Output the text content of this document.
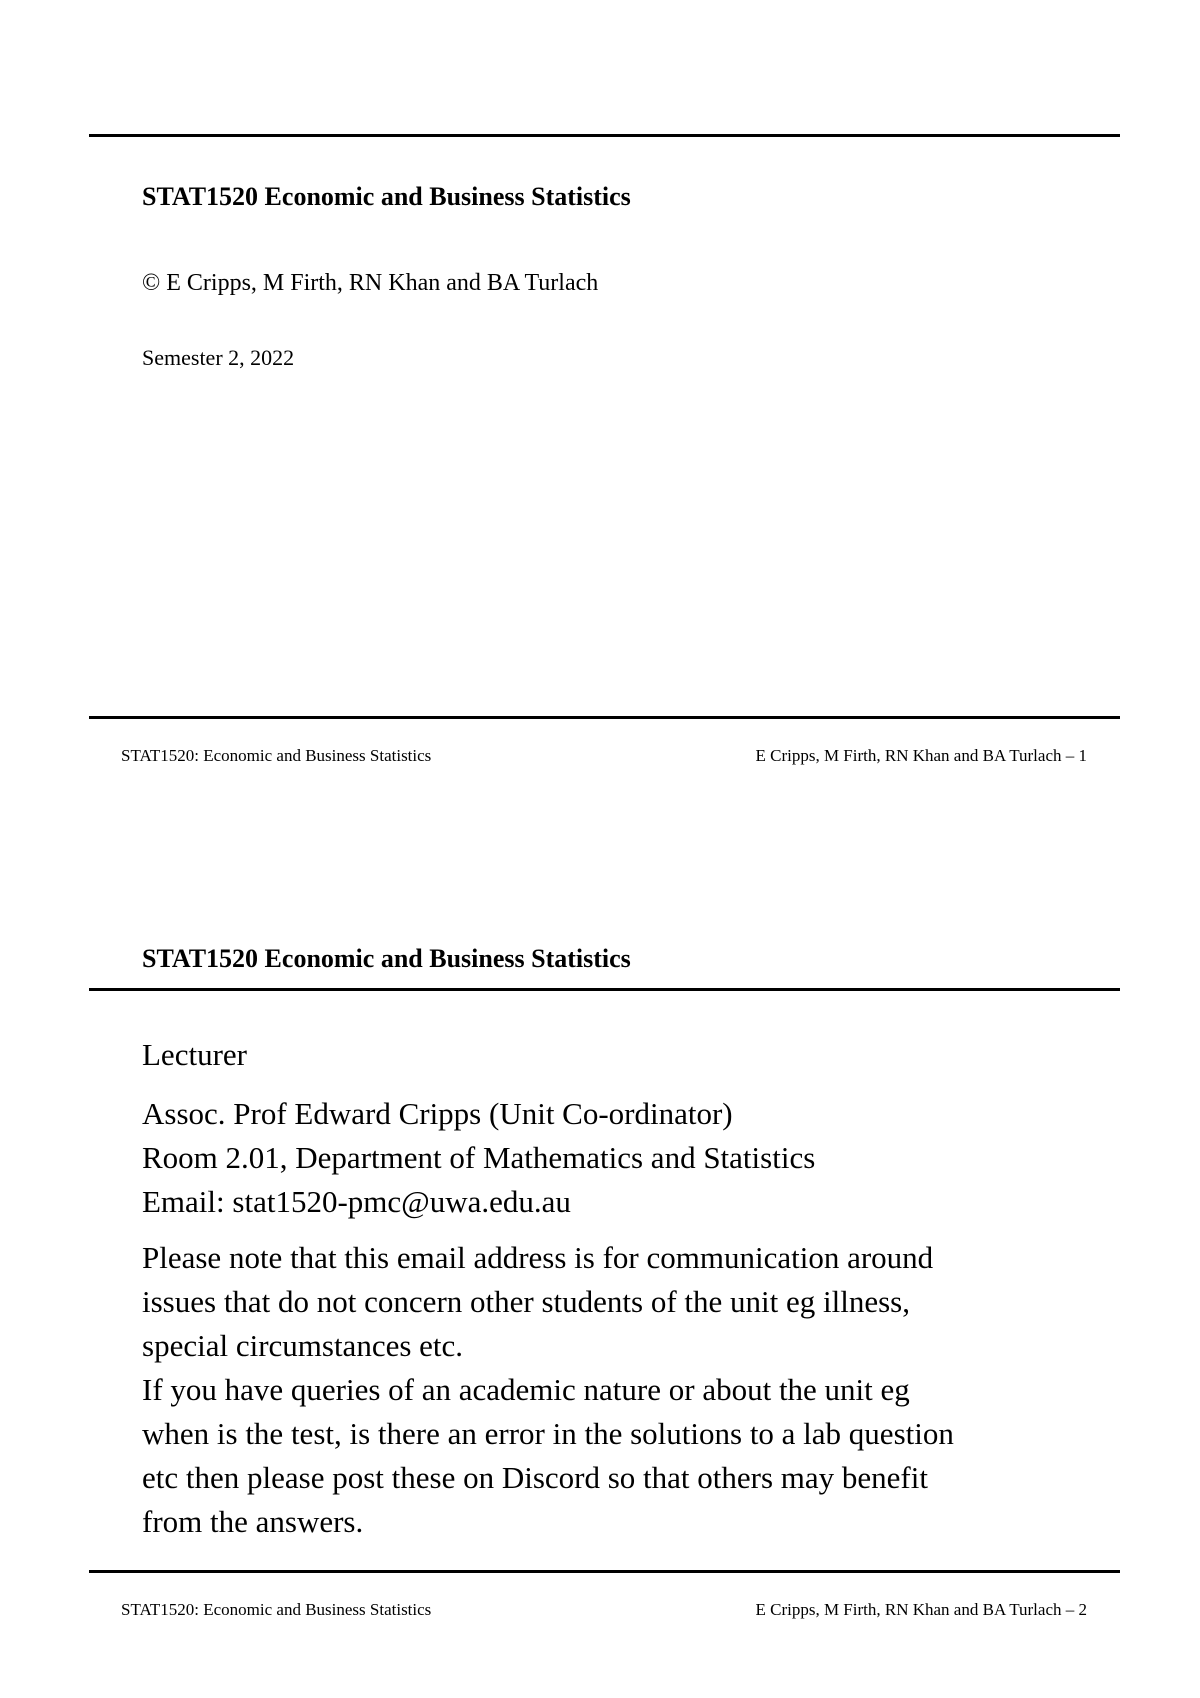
STAT1520 Economic and Business Statistics
© E Cripps, M Firth, RN Khan and BA Turlach
Semester 2, 2022
STAT1520: Economic and Business Statistics	E Cripps, M Firth, RN Khan and BA Turlach – 1
STAT1520 Economic and Business Statistics

Lecturer

Assoc. Prof Edward Cripps (Unit Co-ordinator)

Room 2.01, Department of Mathematics and Statistics

Email: stat1520-pmc@uwa.edu.au

Please note that this email address is for communication around

issues that do not concern other students of the unit eg illness,

special circumstances etc.

If you have queries of an academic nature or about the unit eg

when is the test, is there an error in the solutions to a lab question

etc then please post these on Discord so that others may benefit

from the answers.

STAT1520: Economic and Business Statistics	E Cripps, M Firth, RN Khan and BA Turlach – 2
